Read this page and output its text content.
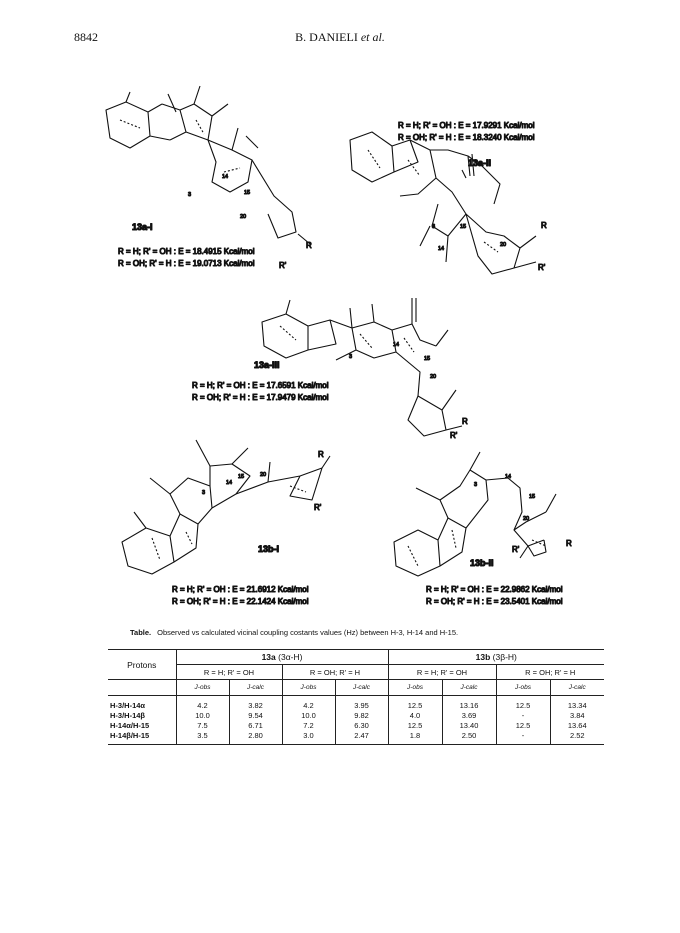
8842	B. DANIELI et al.
3
14
15
20
R
R'
13a-I
R = H; R' = OH : E = 18.4915 Kcal/mol
R = OH; R' = H : E = 19.0713 Kcal/mol
3	15
14
20
R
R'
R = H; R' = OH : E = 17.9291 Kcal/mol
R = OH; R' = H : E = 18.3240 Kcal/mol
13a-II
3
14
15
20
R
R'
13a-III
R = H; R' = OH : E = 17.6591 Kcal/mol
R = OH; R' = H : E = 17.9479 Kcal/mol
3
14
15	20
R
R'
13b-I
R = H; R' = OH : E = 21.6912 Kcal/mol
R = OH; R' = H : E = 22.1424 Kcal/mol
3
14
15
20
R
R'
13b-II
R = H; R' = OH : E = 22.9862 Kcal/mol
R = OH; R' = H : E = 23.5401 Kcal/mol
Table. Observed vs calculated vicinal coupling costants values (Hz) between H-3, H-14 and H-15.
Protons	13a (3α-H)				13b (3β-H)			
	R = H; R' = OH		R = OH; R' = H		R = H; R' = OH		R = OH; R' = H	
	J-obs	J-calc	J-obs	J-calc	J-obs	J-calc	J-obs	J-calc
H-3/H-14α	4.2	3.82	4.2	3.95	12.5	13.16	12.5	13.34
H-3/H-14β	10.0	9.54	10.0	9.82	4.0	3.69	-	3.84
H-14α/H-15	7.5	6.71	7.2	6.30	12.5	13.40	12.5	13.64
H-14β/H-15	3.5	2.80	3.0	2.47	1.8	2.50	-	2.52
